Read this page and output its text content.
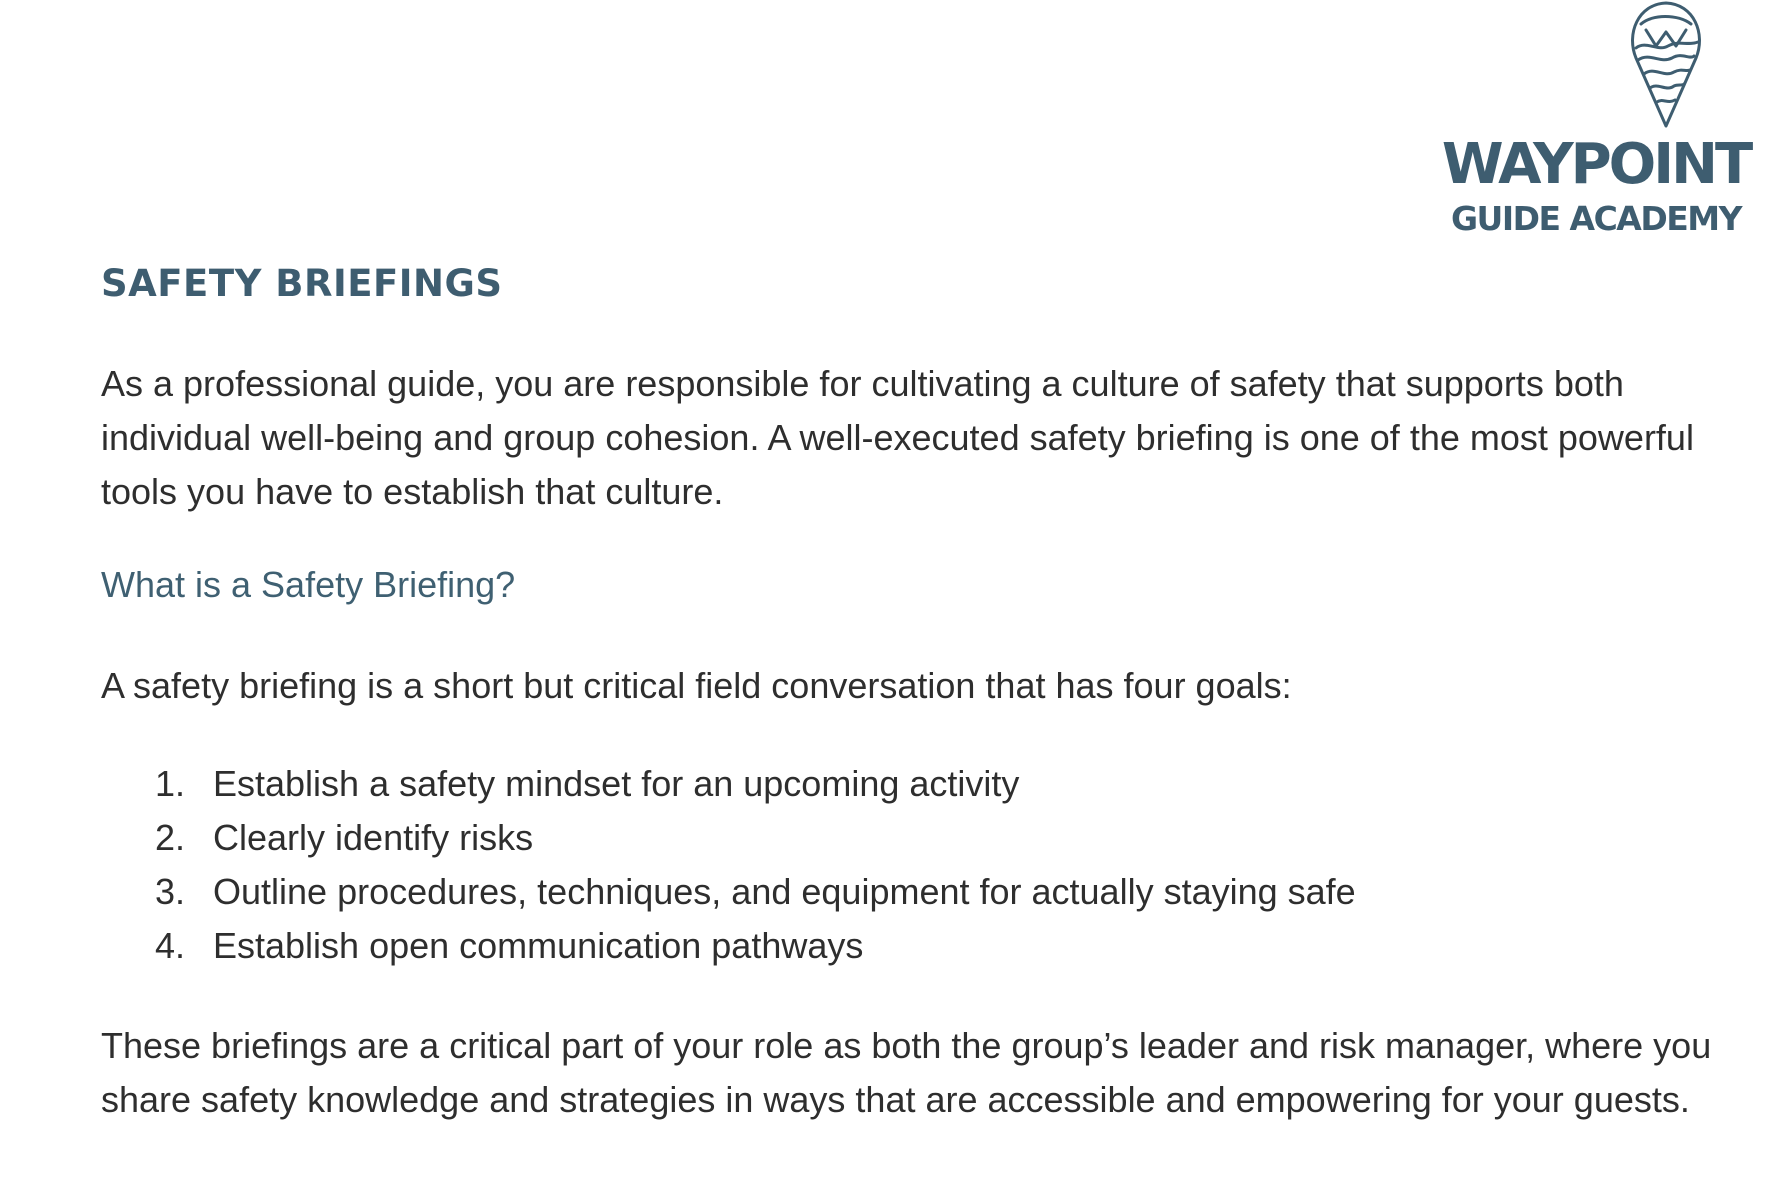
WAYPOINT
GUIDE ACADEMY
SAFETY BRIEFINGS

As a professional guide, you are responsible for cultivating a culture of safety that supports both individual well-being and group cohesion. A well-executed safety briefing is one of the most powerful tools you have to establish that culture.

What is a Safety Briefing?

A safety briefing is a short but critical field conversation that has four goals:

1. Establish a safety mindset for an upcoming activity
2. Clearly identify risks
3. Outline procedures, techniques, and equipment for actually staying safe
4. Establish open communication pathways

These briefings are a critical part of your role as both the group’s leader and risk manager, where you share safety knowledge and strategies in ways that are accessible and empowering for your guests.
